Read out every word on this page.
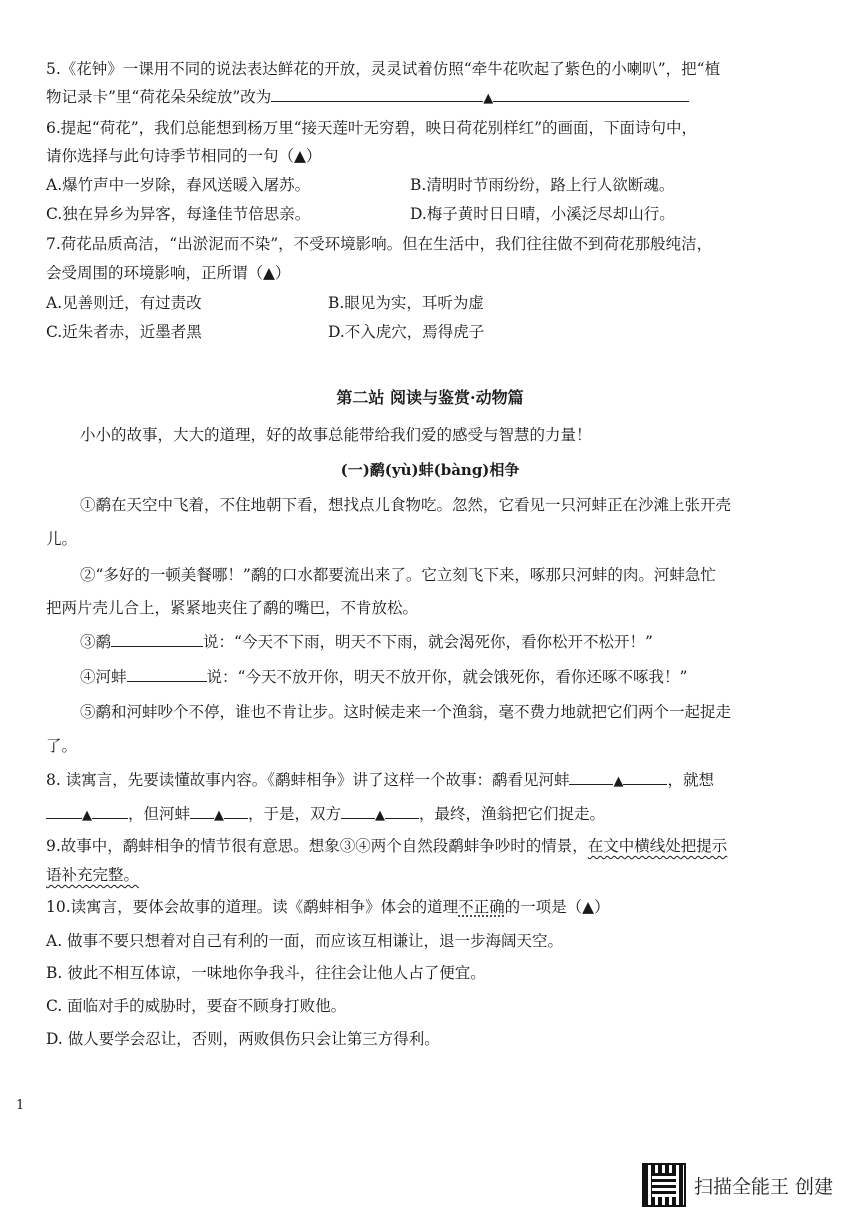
5.《花钟》一课用不同的说法表达鲜花的开放，灵灵试着仿照“牵牛花吹起了紫色的小喇叭”，把“植
物记录卡”里“荷花朵朵绽放”改为	▲
6.提起“荷花”，我们总能想到杨万里“接天莲叶无穷碧，映日荷花别样红”的画面，下面诗句中，
请你选择与此句诗季节相同的一句（▲）
A.爆竹声中一岁除，春风送暖入屠苏。	B.清明时节雨纷纷，路上行人欲断魂。
C.独在异乡为异客，每逢佳节倍思亲。	D.梅子黄时日日晴，小溪泛尽却山行。
7.荷花品质高洁，“出淤泥而不染”，不受环境影响。但在生活中，我们往往做不到荷花那般纯洁，
会受周围的环境影响，正所谓（▲）
A.见善则迁，有过责改	B.眼见为实，耳听为虚
C.近朱者赤，近墨者黑	D.不入虎穴，焉得虎子
第二站 阅读与鉴赏·动物篇
小小的故事，大大的道理，好的故事总能带给我们爱的感受与智慧的力量！
(一)鹬(yù)蚌(bàng)相争
①鹬在天空中飞着，不住地朝下看，想找点儿食物吃。忽然，它看见一只河蚌正在沙滩上张开壳
儿。
②“多好的一顿美餐哪！”鹬的口水都要流出来了。它立刻飞下来，啄那只河蚌的肉。河蚌急忙
把两片壳儿合上，紧紧地夹住了鹬的嘴巴，不肯放松。
③鹬	说：“今天不下雨，明天不下雨，就会渴死你，看你松开不松开！”
④河蚌	说：“今天不放开你，明天不放开你，就会饿死你，看你还啄不啄我！”
⑤鹬和河蚌吵个不停，谁也不肯让步。这时候走来一个渔翁，毫不费力地就把它们两个一起捉走
了。
8. 读寓言，先要读懂故事内容。《鹬蚌相争》讲了这样一个故事：鹬看见河蚌	▲	，就想
▲ ，但河蚌 ▲ ，于是，双方	▲ ，最终，渔翁把它们捉走。
9.故事中，鹬蚌相争的情节很有意思。想象③④两个自然段鹬蚌争吵时的情景，在文中横线处把提示
语补充完整。
10.读寓言，要体会故事的道理。读《鹬蚌相争》体会的道理不正确的一项是（▲）
A. 做事不要只想着对自己有利的一面，而应该互相谦让，退一步海阔天空。
B. 彼此不相互体谅，一味地你争我斗，往往会让他人占了便宜。
C. 面临对手的威胁时，要奋不顾身打败他。
D. 做人要学会忍让，否则，两败俱伤只会让第三方得利。
1
扫描全能王 创建
